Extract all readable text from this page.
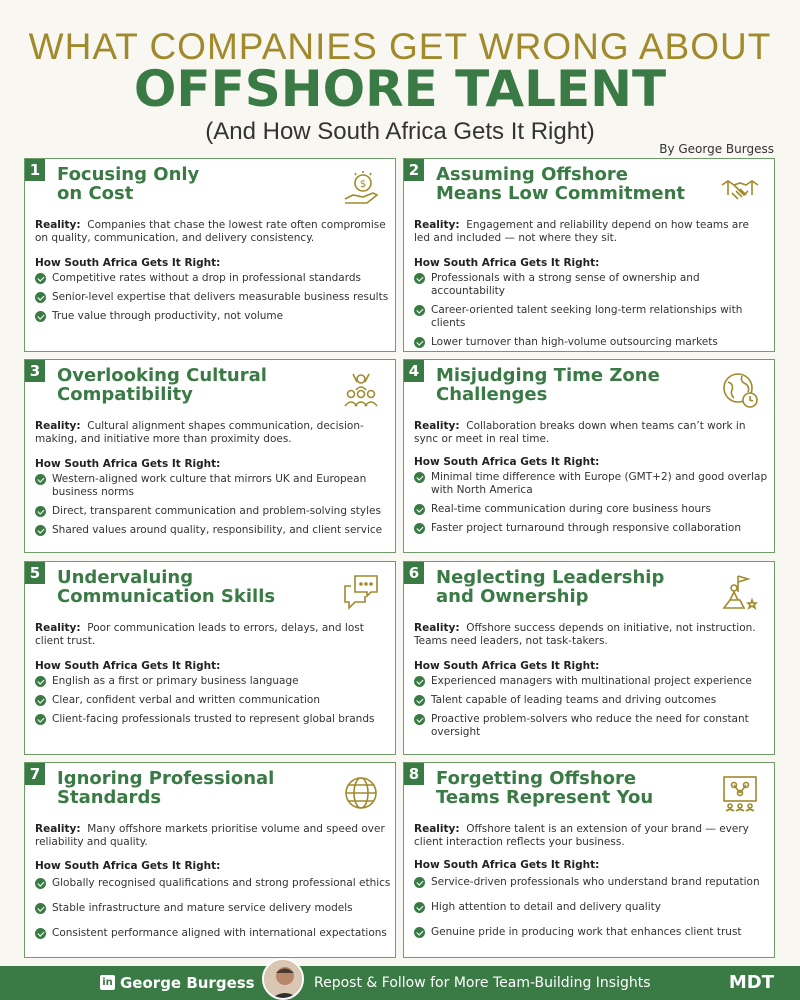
WHAT COMPANIES GET WRONG ABOUT
OFFSHORE TALENT
(And How South Africa Gets It Right)
By George Burgess
1 Focusing Only
on Cost	$
Reality: Companies that chase the lowest rate often compromise on quality, communication, and delivery consistency.
How South Africa Gets It Right:
Competitive rates without a drop in professional standards
Senior-level expertise that delivers measurable business results
True value through productivity, not volume
2 Assuming Offshore
Means Low Commitment
Reality: Engagement and reliability depend on how teams are led and included — not where they sit.
How South Africa Gets It Right:
Professionals with a strong sense of ownership and accountability
Career-oriented talent seeking long-term relationships with clients
Lower turnover than high-volume outsourcing markets
3 Overlooking Cultural
Compatibility
Reality: Cultural alignment shapes communication, decision-making, and initiative more than proximity does.
How South Africa Gets It Right:
Western-aligned work culture that mirrors UK and European business norms
Direct, transparent communication and problem-solving styles
Shared values around quality, responsibility, and client service
4 Misjudging Time Zone
Challenges
Reality: Collaboration breaks down when teams can’t work in sync or meet in real time.
How South Africa Gets It Right:
Minimal time difference with Europe (GMT+2) and good overlap with North America
Real-time communication during core business hours
Faster project turnaround through responsive collaboration
5 Undervaluing
Communication Skills
Reality: Poor communication leads to errors, delays, and lost client trust.
How South Africa Gets It Right:
English as a first or primary business language
Clear, confident verbal and written communication
Client-facing professionals trusted to represent global brands
6 Neglecting Leadership
and Ownership
Reality: Offshore success depends on initiative, not instruction. Teams need leaders, not task-takers.
How South Africa Gets It Right:
Experienced managers with multinational project experience
Talent capable of leading teams and driving outcomes
Proactive problem-solvers who reduce the need for constant oversight
7 Ignoring Professional
Standards
Reality: Many offshore markets prioritise volume and speed over reliability and quality.
How South Africa Gets It Right:
Globally recognised qualifications and strong professional ethics
Stable infrastructure and mature service delivery models
Consistent performance aligned with international expectations
8 Forgetting Offshore
Teams Represent You
Reality: Offshore talent is an extension of your brand — every client interaction reflects your business.
How South Africa Gets It Right:
Service-driven professionals who understand brand reputation
High attention to detail and delivery quality
Genuine pride in producing work that enhances client trust
in George Burgess	Repost & Follow for More Team-Building Insights	MDT
